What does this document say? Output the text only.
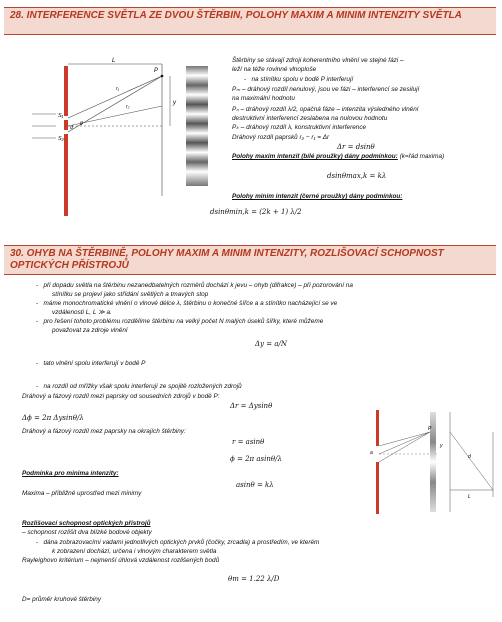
28. INTERFERENCE SVĚTLA ZE DVOU ŠTĚRBIN, POLOHY MAXIM A MINIM INTENZITY SVĚTLA
L
P
r₁
r₂
y
S₁
S₂
d
θ
Štěrbiny se stávají zdroji koherentního vlnění ve stejné fázi –
leží na téže rovinné vlnoploše
-   na stínítku spolu v bodě P interferují
Pₘ – dráhový rozdíl nenulový, jsou ve fázi – interferencí se zesilují
na maximální hodnotu
Pₙ – dráhový rozdíl λ/2, opačná fáze – intenzita výsledného vlnění
destruktivní interferencí zeslabena na nulovou hodnotu
Pₖ – dráhový rozdíl λ, konstruktivní interference
Dráhový rozdíl paprsků r₂ − r₁ = Δr
Δr = dsinθ
Polohy maxim intenzit (bílé proužky) dány podmínkou: (k=řád maxima)
dsinθmax,k = kλ
Polohy minim intenzit (černé proužky) dány podmínkou:
dsinθmin,k = (2k + 1) λ/2
30. OHYB NA ŠTĚRBINĚ, POLOHY MAXIM A MINIM INTENZITY, ROZLIŠOVACÍ SCHOPNOST OPTICKÝCH PŘÍSTROJŮ
-   při dopadu světla na štěrbinu nezanedbatelných rozměrů dochází k jevu – ohyb (difrakce) – při pozorování na
stínítku se projeví jako střídání světlých a tmavých stop
-   máme monochromatické vlnění o vlnové délce λ, štěrbinu o konečné šířce a a stínítko nacházející se ve
vzdálenosti L, L ≫ a.
-   pro řešení tohoto problému rozdělíme štěrbinu na velký počet N malých úseků šířky, které můžeme
považovat za zdroje vlnění
Δy = a/N
-   tato vlnění spolu interferují v bodě P
-   na rozdíl od mřížky však spolu interferují ze spojitě rozložených zdrojů
Dráhový a fázový rozdíl mezi paprsky od sousedních zdrojů v bodě P:
Δr = Δysinθ
Δϕ = 2π Δysinθ/λ
Dráhový a fázový rozdíl mez paprsky na okrajích štěrbiny:
r = asinθ
ϕ = 2π asinθ/λ
Podmínka pro minima intenzity:
asinθ = kλ
Maxima – přibližně uprostřed mezi minimy
Rozlišovací schopnost optických přístrojů
– schopnost rozlišit dva blízké bodové objekty
-   dána zobrazovacími vadami jednotlivých optických prvků (čočky, zrcadla) a prostředím, ve kterém
k zobrazení dochází, určena i vlnovým charakterem světla
Rayleighovo kritérium – nejmenší úhlová vzdálenost rozlišených bodů
θm = 1.22 λ/D
D= průměr kruhové štěrbiny
a
P
y
d
L
